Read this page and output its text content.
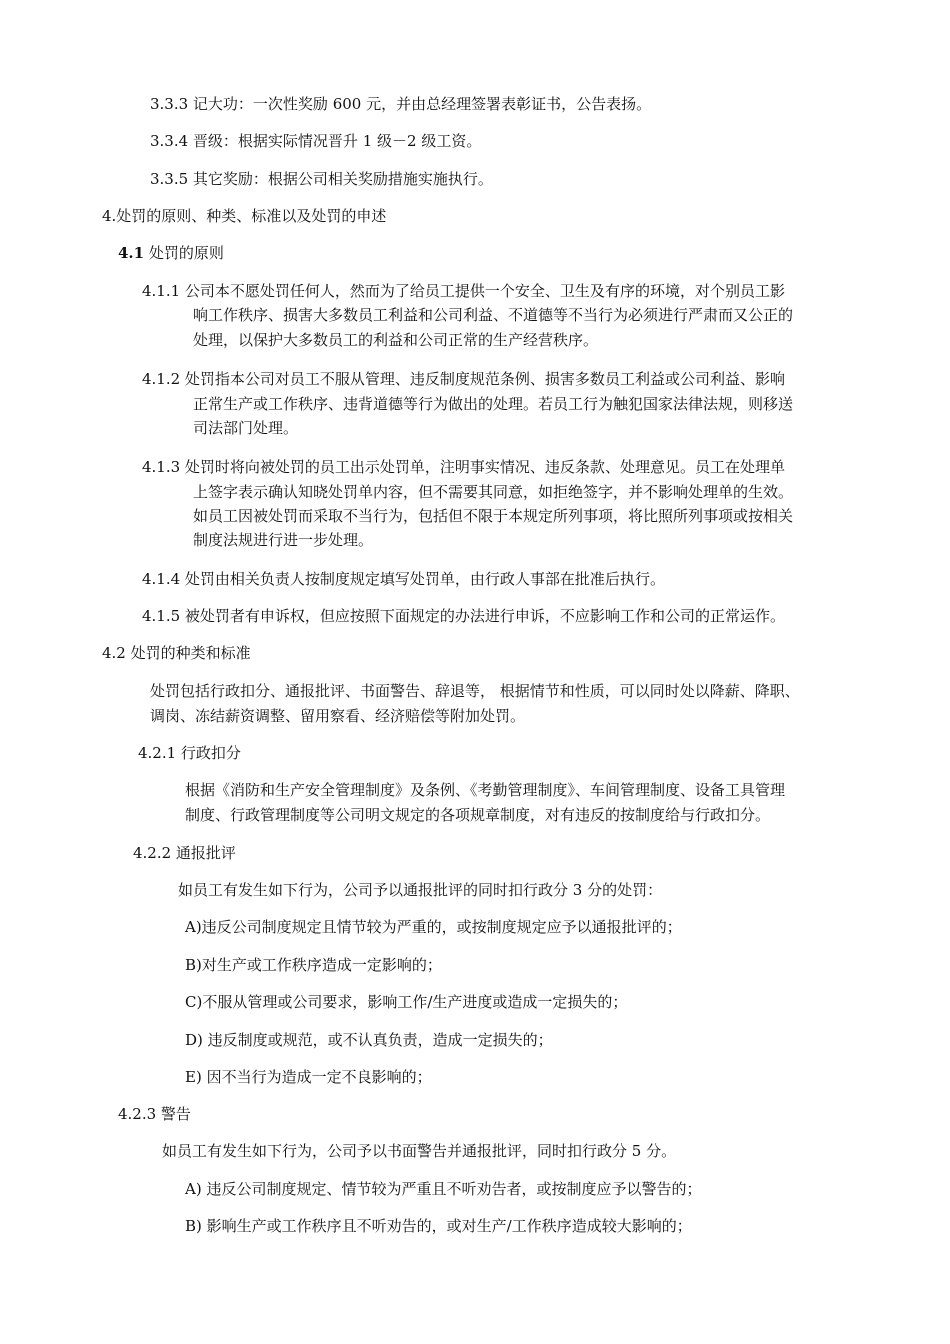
3.3.3 记大功：一次性奖励 600 元，并由总经理签署表彰证书，公告表扬。
3.3.4 晋级：根据实际情况晋升 1 级－2 级工资。
3.3.5 其它奖励：根据公司相关奖励措施实施执行。
4.处罚的原则、种类、标准以及处罚的申述
4.1 处罚的原则
4.1.1 公司本不愿处罚任何人，然而为了给员工提供一个安全、卫生及有序的环境，对个别员工影
响工作秩序、损害大多数员工利益和公司利益、不道德等不当行为必须进行严肃而又公正的
处理，以保护大多数员工的利益和公司正常的生产经营秩序。
4.1.2 处罚指本公司对员工不服从管理、违反制度规范条例、损害多数员工利益或公司利益、影响
正常生产或工作秩序、违背道德等行为做出的处理。若员工行为触犯国家法律法规，则移送
司法部门处理。
4.1.3 处罚时将向被处罚的员工出示处罚单，注明事实情况、违反条款、处理意见。员工在处理单
上签字表示确认知晓处罚单内容，但不需要其同意，如拒绝签字，并不影响处理单的生效。
如员工因被处罚而采取不当行为，包括但不限于本规定所列事项，将比照所列事项或按相关
制度法规进行进一步处理。
4.1.4 处罚由相关负责人按制度规定填写处罚单，由行政人事部在批准后执行。
4.1.5 被处罚者有申诉权，但应按照下面规定的办法进行申诉，不应影响工作和公司的正常运作。
4.2 处罚的种类和标准
处罚包括行政扣分、通报批评、书面警告、辞退等， 根据情节和性质，可以同时处以降薪、降职、
调岗、冻结薪资调整、留用察看、经济赔偿等附加处罚。
4.2.1 行政扣分
根据《消防和生产安全管理制度》及条例、《考勤管理制度》、车间管理制度、设备工具管理
制度、行政管理制度等公司明文规定的各项规章制度，对有违反的按制度给与行政扣分。
4.2.2 通报批评
如员工有发生如下行为，公司予以通报批评的同时扣行政分 3 分的处罚：
A)违反公司制度规定且情节较为严重的，或按制度规定应予以通报批评的；
B)对生产或工作秩序造成一定影响的；
C)不服从管理或公司要求，影响工作/生产进度或造成一定损失的；
D) 违反制度或规范，或不认真负责，造成一定损失的；
E) 因不当行为造成一定不良影响的；
4.2.3 警告
如员工有发生如下行为，公司予以书面警告并通报批评，同时扣行政分 5 分。
A) 违反公司制度规定、情节较为严重且不听劝告者，或按制度应予以警告的；
B) 影响生产或工作秩序且不听劝告的，或对生产/工作秩序造成较大影响的；
